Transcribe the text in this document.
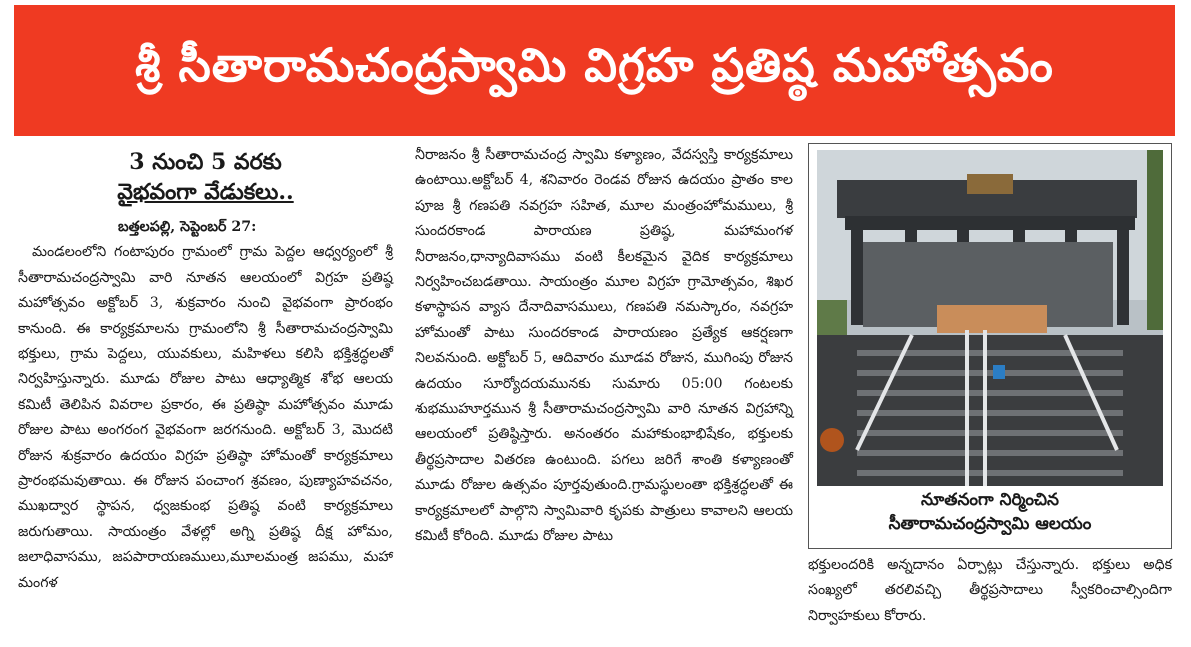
శ్రీ సీతారామచంద్రస్వామి విగ్రహ ప్రతిష్ఠ మహోత్సవం
3 నుంచి 5 వరకు
వైభవంగా వేడుకలు..

బత్తలపల్లి, సెప్టెంబర్ 27:

మండలంలోని గంటాపురం గ్రామంలో గ్రామ పెద్దల ఆధ్వర్యంలో శ్రీ సీతారామచంద్రస్వామి వారి నూతన ఆలయంలో విగ్రహ ప్రతిష్ఠ మహోత్సవం అక్టోబర్ 3, శుక్రవారం నుంచి వైభవంగా ప్రారంభం కానుంది. ఈ కార్యక్రమాలను గ్రామంలోని శ్రీ సీతారామచంద్రస్వామి భక్తులు, గ్రామ పెద్దలు, యువకులు, మహిళలు కలిసి భక్తిశ్రద్ధలతో నిర్వహిస్తున్నారు. మూడు రోజుల పాటు ఆధ్యాత్మిక శోభ ఆలయ కమిటీ తెలిపిన వివరాల ప్రకారం, ఈ ప్రతిష్ఠా మహోత్సవం మూడు రోజుల పాటు అంగరంగ వైభవంగా జరగనుంది. అక్టోబర్ 3, మొదటి రోజున శుక్రవారం ఉదయం విగ్రహ ప్రతిష్ఠా హోమంతో కార్యక్రమాలు ప్రారంభమవుతాయి. ఈ రోజున పంచాంగ శ్రవణం, పుణ్యాహవచనం, ముఖద్వార స్థాపన, ధ్వజకుంభ ప్రతిష్ఠ వంటి కార్యక్రమాలు జరుగుతాయి. సాయంత్రం వేళల్లో అగ్ని ప్రతిష్ఠ దీక్ష హోమం, జలాధివాసము, జపపారాయణములు,మూలమంత్ర జపము, మహా మంగళ

నీరాజనం శ్రీ సీతారామచంద్ర స్వామి కళ్యాణం, వేదస్వస్తి కార్యక్రమాలు ఉంటాయి.అక్టోబర్ 4, శనివారం రెండవ రోజున ఉదయం ప్రాతం కాల పూజ శ్రీ గణపతి నవగ్రహ సహిత, మూల మంత్రంహోమములు, శ్రీ సుందరకాండ పారాయణ ప్రతిష్ఠ, మహామంగళ నీరాజనం,ధాన్యాదివాసము వంటి కీలకమైన వైదిక కార్యక్రమాలు నిర్వహించబడతాయి. సాయంత్రం మూల విగ్రహ గ్రామోత్సవం, శిఖర కళాస్థాపన వ్యాస దేనాదివాసములు, గణపతి నమస్కారం, నవగ్రహ హోమంతో పాటు సుందరకాండ పారాయణం ప్రత్యేక ఆకర్షణగా నిలవనుంది. అక్టోబర్ 5, ఆదివారం మూడవ రోజున, ముగింపు రోజున ఉదయం సూర్యోదయమునకు సుమారు 05:00 గంటలకు శుభముహూర్తమున శ్రీ సీతారామచంద్రస్వామి వారి నూతన విగ్రహాన్ని ఆలయంలో ప్రతిష్ఠిస్తారు. అనంతరం మహాకుంభాభిషేకం, భక్తులకు తీర్థప్రసాదాల వితరణ ఉంటుంది. పగలు జరిగే శాంతి కళ్యాణంతో మూడు రోజుల ఉత్సవం పూర్తవుతుంది.గ్రామస్థులంతా భక్తిశ్రద్ధలతో ఈ కార్యక్రమాలలో పాల్గొని స్వామివారి కృపకు పాత్రులు కావాలని ఆలయ కమిటీ కోరింది. మూడు రోజుల పాటు

నూతనంగా నిర్మించిన
సీతారామచంద్రస్వామి ఆలయం

భక్తులందరికి అన్నదానం ఏర్పాట్లు చేస్తున్నారు. భక్తులు అధిక సంఖ్యలో తరలివచ్చి తీర్థప్రసాదాలు స్వీకరించాల్సిందిగా నిర్వాహకులు కోరారు.
